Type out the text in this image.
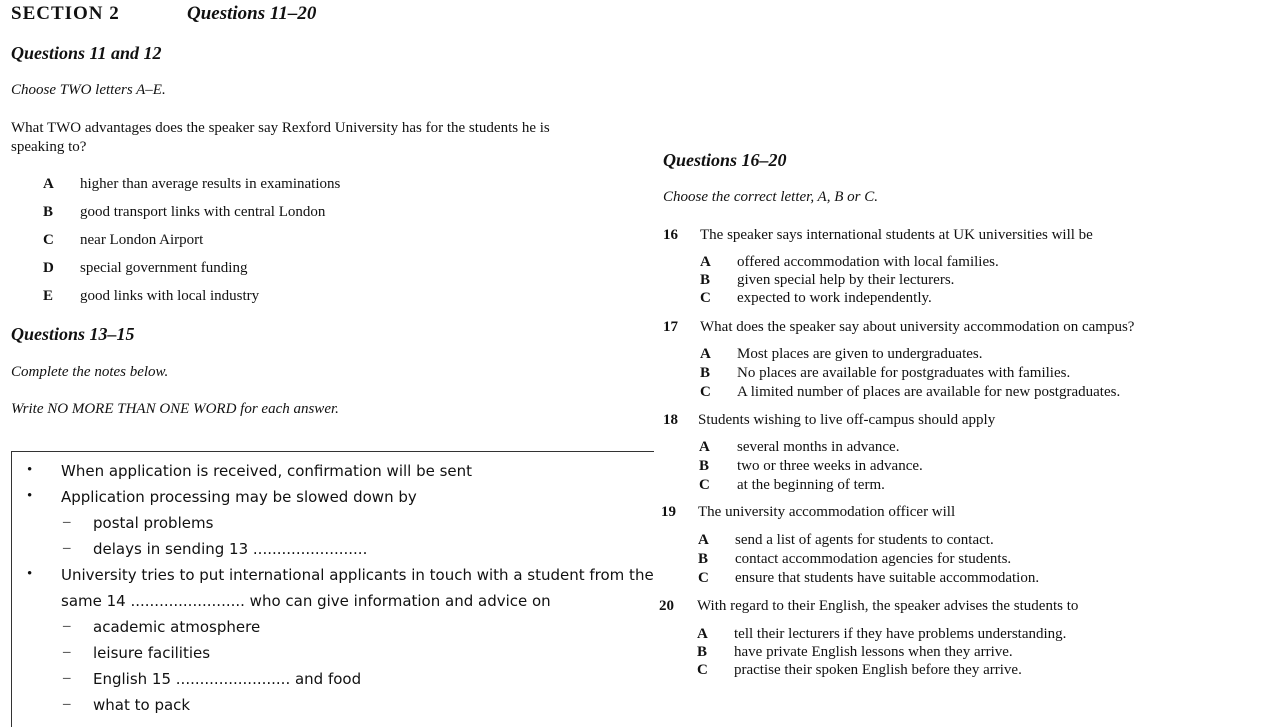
SECTION 2	Questions 11–20
Questions 11 and 12
Choose TWO letters A–E.
What TWO advantages does the speaker say Rexford University has for the students he is
speaking to?
A higher than average results in examinations
B good transport links with central London
C near London Airport
D special government funding
E good links with local industry
Questions 13–15
Complete the notes below.
Write NO MORE THAN ONE WORD for each answer.
• When application is received, confirmation will be sent
• Application processing may be slowed down by
– postal problems
– delays in sending 13 ........................
• University tries to put international applicants in touch with a student from the
same 14 ........................ who can give information and advice on
– academic atmosphere
– leisure facilities
– English 15 ........................ and food
– what to pack
Questions 16–20
Choose the correct letter, A, B or C.
16 The speaker says international students at UK universities will be
A offered accommodation with local families.
B given special help by their lecturers.
C expected to work independently.
17 What does the speaker say about university accommodation on campus?
A Most places are given to undergraduates.
B No places are available for postgraduates with families.
C A limited number of places are available for new postgraduates.
18 Students wishing to live off-campus should apply
A several months in advance.
B two or three weeks in advance.
C at the beginning of term.
19 The university accommodation officer will
A send a list of agents for students to contact.
B contact accommodation agencies for students.
C ensure that students have suitable accommodation.
20 With regard to their English, the speaker advises the students to
A tell their lecturers if they have problems understanding.
B have private English lessons when they arrive.
C practise their spoken English before they arrive.
